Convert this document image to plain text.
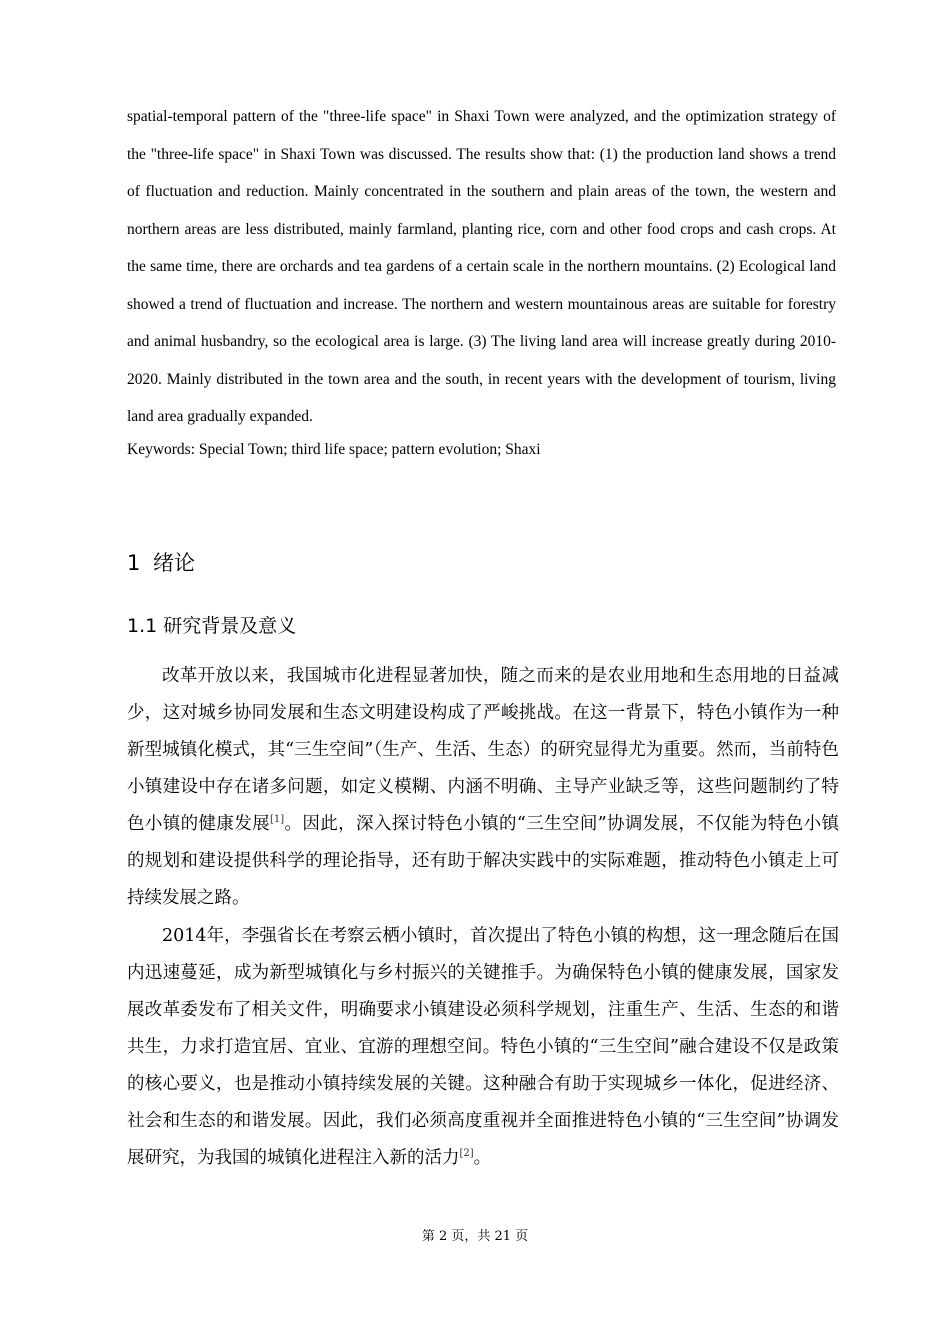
spatial-temporal pattern of the "three-life space" in Shaxi Town were analyzed, and the optimization strategy of the "three-life space" in Shaxi Town was discussed. The results show that: (1) the production land shows a trend of fluctuation and reduction. Mainly concentrated in the southern and plain areas of the town, the western and northern areas are less distributed, mainly farmland, planting rice, corn and other food crops and cash crops. At the same time, there are orchards and tea gardens of a certain scale in the northern mountains. (2) Ecological land showed a trend of fluctuation and increase. The northern and western mountainous areas are suitable for forestry and animal husbandry, so the ecological area is large. (3) The living land area will increase greatly during 2010-2020. Mainly distributed in the town area and the south, in recent years with the development of tourism, living land area gradually expanded.

Keywords: Special Town; third life space; pattern evolution; Shaxi

1 绪论
1.1 研究背景及意义

改革开放以来，我国城市化进程显著加快，随之而来的是农业用地和生态用地的日益减少，这对城乡协同发展和生态文明建设构成了严峻挑战。在这一背景下，特色小镇作为一种新型城镇化模式，其“三生空间”（生产、生活、生态）的研究显得尤为重要。然而，当前特色小镇建设中存在诸多问题，如定义模糊、内涵不明确、主导产业缺乏等，这些问题制约了特色小镇的健康发展[1]。因此，深入探讨特色小镇的“三生空间”协调发展，不仅能为特色小镇的规划和建设提供科学的理论指导，还有助于解决实践中的实际难题，推动特色小镇走上可持续发展之路。

2014年，李强省长在考察云栖小镇时，首次提出了特色小镇的构想，这一理念随后在国内迅速蔓延，成为新型城镇化与乡村振兴的关键推手。为确保特色小镇的健康发展，国家发展改革委发布了相关文件，明确要求小镇建设必须科学规划，注重生产、生活、生态的和谐共生，力求打造宜居、宜业、宜游的理想空间。特色小镇的“三生空间”融合建设不仅是政策的核心要义，也是推动小镇持续发展的关键。这种融合有助于实现城乡一体化，促进经济、社会和生态的和谐发展。因此，我们必须高度重视并全面推进特色小镇的“三生空间”协调发展研究，为我国的城镇化进程注入新的活力[2]。

第 2 页，共 21 页
